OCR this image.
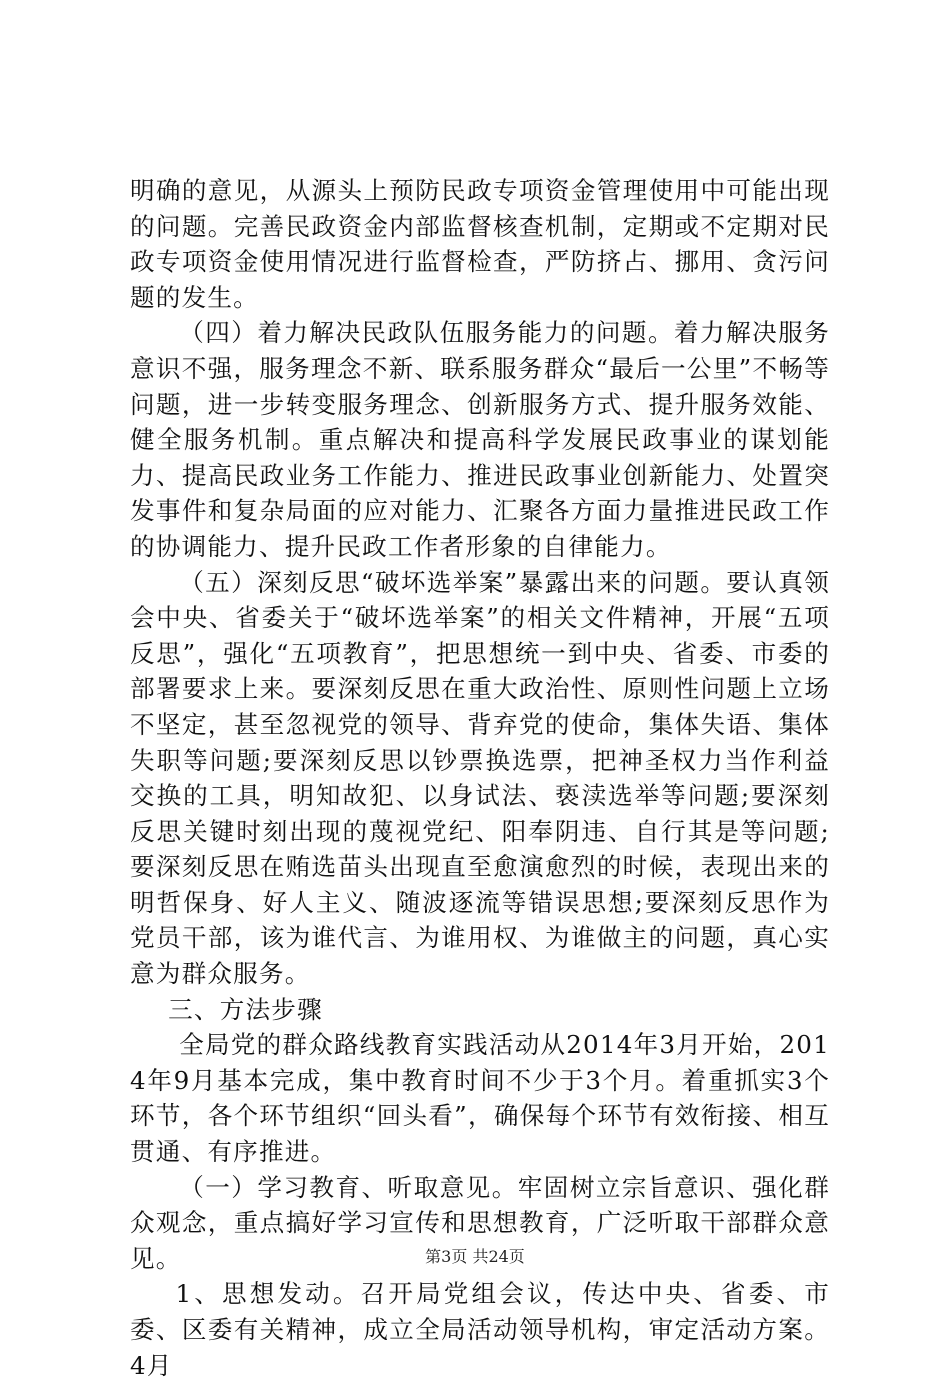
明确的意见，从源头上预防民政专项资金管理使用中可能出现的问题。完善民政资金内部监督核查机制，定期或不定期对民政专项资金使用情况进行监督检查，严防挤占、挪用、贪污问题的发生。

（四）着力解决民政队伍服务能力的问题。着力解决服务意识不强，服务理念不新、联系服务群众“最后一公里”不畅等问题，进一步转变服务理念、创新服务方式、提升服务效能、健全服务机制。重点解决和提高科学发展民政事业的谋划能力、提高民政业务工作能力、推进民政事业创新能力、处置突发事件和复杂局面的应对能力、汇聚各方面力量推进民政工作的协调能力、提升民政工作者形象的自律能力。

（五）深刻反思“破坏选举案”暴露出来的问题。要认真领会中央、省委关于“破坏选举案”的相关文件精神，开展“五项反思”，强化“五项教育”，把思想统一到中央、省委、市委的部署要求上来。要深刻反思在重大政治性、原则性问题上立场不坚定，甚至忽视党的领导、背弃党的使命，集体失语、集体失职等问题;要深刻反思以钞票换选票，把神圣权力当作利益交换的工具，明知故犯、以身试法、亵渎选举等问题;要深刻反思关键时刻出现的蔑视党纪、阳奉阴违、自行其是等问题;要深刻反思在贿选苗头出现直至愈演愈烈的时候，表现出来的明哲保身、好人主义、随波逐流等错误思想;要深刻反思作为党员干部，该为谁代言、为谁用权、为谁做主的问题，真心实意为群众服务。

三、方法步骤

全局党的群众路线教育实践活动从2014年3月开始，2014年9月基本完成，集中教育时间不少于3个月。着重抓实3个环节，各个环节组织“回头看”，确保每个环节有效衔接、相互贯通、有序推进。

（一）学习教育、听取意见。牢固树立宗旨意识、强化群众观念，重点搞好学习宣传和思想教育，广泛听取干部群众意见。

1、思想发动。召开局党组会议，传达中央、省委、市委、区委有关精神，成立全局活动领导机构，审定活动方案。4月

第3页 共24页
